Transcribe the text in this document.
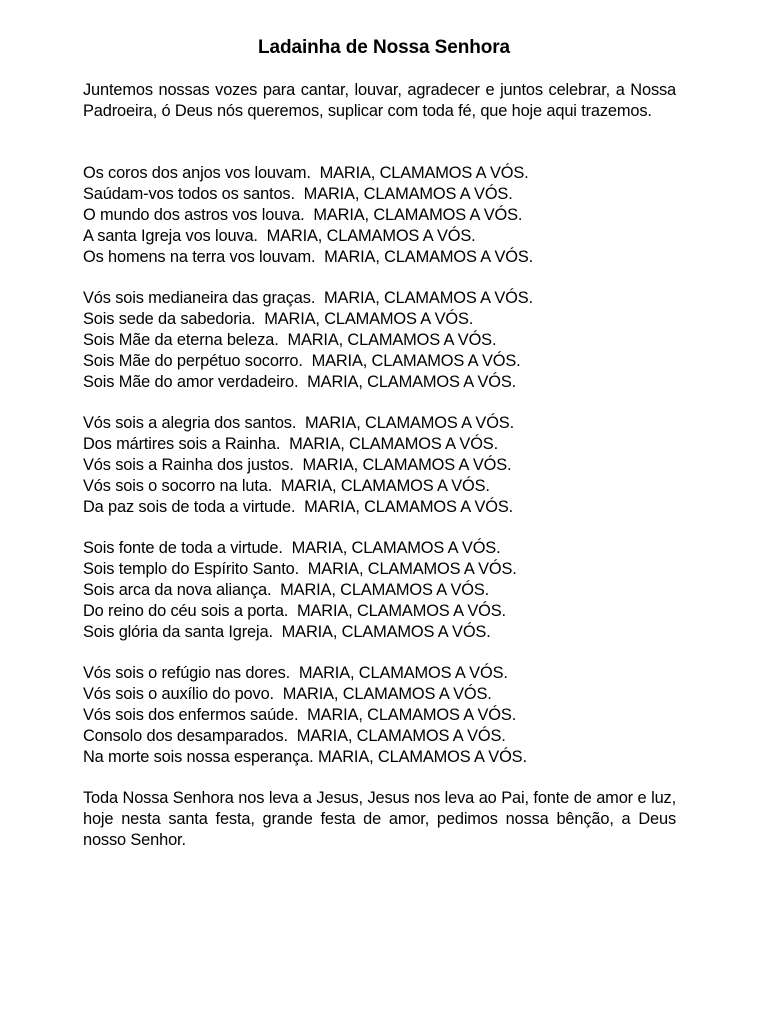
Ladainha de Nossa Senhora

Juntemos nossas vozes para cantar, louvar, agradecer e juntos celebrar, a Nossa Padroeira, ó Deus nós queremos, suplicar com toda fé, que hoje aqui trazemos.

Os coros dos anjos vos louvam.  MARIA, CLAMAMOS A VÓS.
Saúdam-vos todos os santos.  MARIA, CLAMAMOS A VÓS.
O mundo dos astros vos louva.  MARIA, CLAMAMOS A VÓS.
A santa Igreja vos louva.  MARIA, CLAMAMOS A VÓS.
Os homens na terra vos louvam.  MARIA, CLAMAMOS A VÓS.
Vós sois medianeira das graças.  MARIA, CLAMAMOS A VÓS.
Sois sede da sabedoria.  MARIA, CLAMAMOS A VÓS.
Sois Mãe da eterna beleza.  MARIA, CLAMAMOS A VÓS.
Sois Mãe do perpétuo socorro.  MARIA, CLAMAMOS A VÓS.
Sois Mãe do amor verdadeiro.  MARIA, CLAMAMOS A VÓS.
Vós sois a alegria dos santos.  MARIA, CLAMAMOS A VÓS.
Dos mártires sois a Rainha.  MARIA, CLAMAMOS A VÓS.
Vós sois a Rainha dos justos.  MARIA, CLAMAMOS A VÓS.
Vós sois o socorro na luta.  MARIA, CLAMAMOS A VÓS.
Da paz sois de toda a virtude.  MARIA, CLAMAMOS A VÓS.
Sois fonte de toda a virtude.  MARIA, CLAMAMOS A VÓS.
Sois templo do Espírito Santo.  MARIA, CLAMAMOS A VÓS.
Sois arca da nova aliança.  MARIA, CLAMAMOS A VÓS.
Do reino do céu sois a porta.  MARIA, CLAMAMOS A VÓS.
Sois glória da santa Igreja.  MARIA, CLAMAMOS A VÓS.
Vós sois o refúgio nas dores.  MARIA, CLAMAMOS A VÓS.
Vós sois o auxílio do povo.  MARIA, CLAMAMOS A VÓS.
Vós sois dos enfermos saúde.  MARIA, CLAMAMOS A VÓS.
Consolo dos desamparados.  MARIA, CLAMAMOS A VÓS.
Na morte sois nossa esperança. MARIA, CLAMAMOS A VÓS.

Toda Nossa Senhora nos leva a Jesus, Jesus nos leva ao Pai, fonte de amor e luz, hoje nesta santa festa, grande festa de amor, pedimos nossa bênção, a Deus nosso Senhor.
